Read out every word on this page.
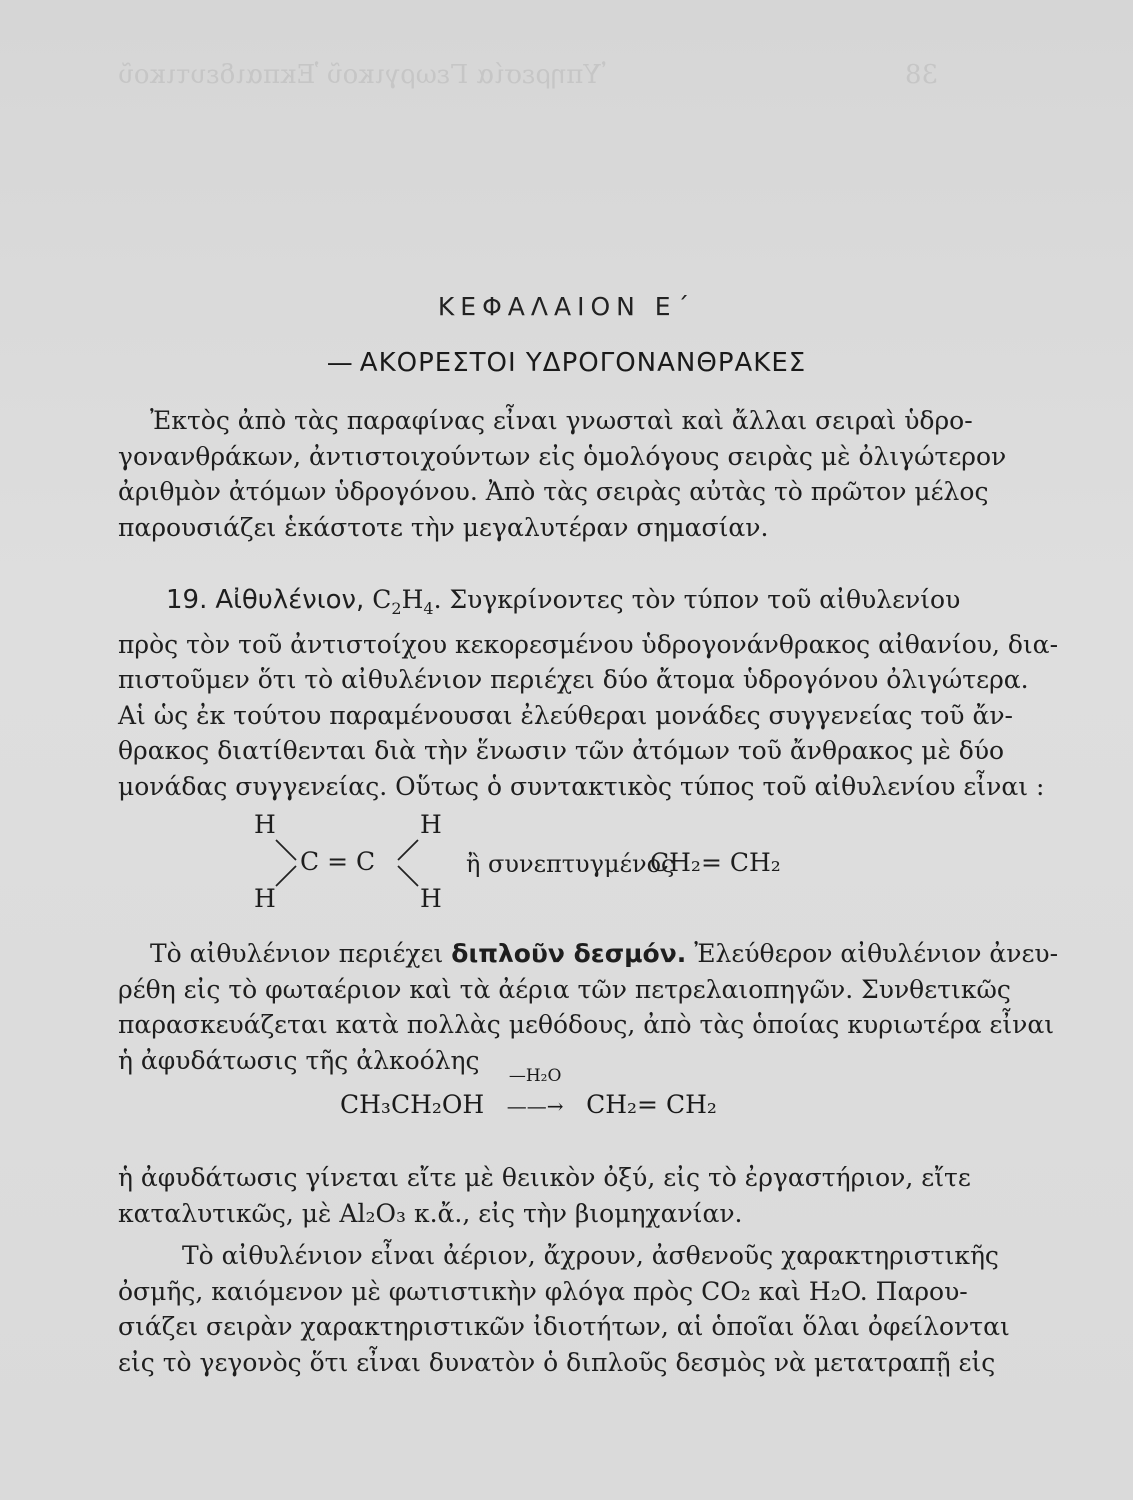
Ὑπηρεσία Γεωργικοῦ Ἐκπαιδευτικοῦ	38
ΚΕΦΑΛΑΙΟΝ Ε΄
— ΑΚΟΡΕΣΤΟΙ ΥΔΡΟΓΟΝΑΝΘΡΑΚΕΣ
Ἐκτὸς ἀπὸ τὰς παραφίνας εἶναι γνωσταὶ καὶ ἄλλαι σειραὶ ὑδρο-
γονανθράκων, ἀντιστοιχούντων εἰς ὁμολόγους σειρὰς μὲ ὀλιγώτερον
ἀριθμὸν ἀτόμων ὑδρογόνου. Ἀπὸ τὰς σειρὰς αὐτὰς τὸ πρῶτον μέλος
παρουσιάζει ἑκάστοτε τὴν μεγαλυτέραν σημασίαν.
19. Αἰθυλένιον, $C_2H_4$. Συγκρίνοντες τὸν τύπον τοῦ αἰθυλενίου
πρὸς τὸν τοῦ ἀντιστοίχου κεκορεσμένου ὑδρογονάνθρακος αἰθανίου, δια-
πιστοῦμεν ὅτι τὸ αἰθυλένιον περιέχει δύο ἄτομα ὑδρογόνου ὀλιγώτερα.
Αἱ ὡς ἐκ τούτου παραμένουσαι ἐλεύθεραι μονάδες συγγενείας τοῦ ἄν-
θρακος διατίθενται διὰ τὴν ἕνωσιν τῶν ἀτόμων τοῦ ἄνθρακος μὲ δύο
μονάδας συγγενείας. Οὕτως ὁ συντακτικὸς τύπος τοῦ αἰθυλενίου εἶναι :
H
H
H
H
C = C	ἢ συνεπτυγμένος
CH₂= CH₂
Τὸ αἰθυλένιον περιέχει διπλοῦν δεσμόν. Ἐλεύθερον αἰθυλένιον ἀνευ-
ρέθη εἰς τὸ φωταέριον καὶ τὰ ἀέρια τῶν πετρελαιοπηγῶν. Συνθετικῶς
παρασκευάζεται κατὰ πολλὰς μεθόδους, ἀπὸ τὰς ὁποίας κυριωτέρα εἶναι
ἡ ἀφυδάτωσις τῆς ἀλκοόλης
CH₃CH₂OH
—H₂O
——→ CH₂= CH₂
ἡ ἀφυδάτωσις γίνεται εἴτε μὲ θειικὸν ὀξύ, εἰς τὸ ἐργαστήριον, εἴτε
καταλυτικῶς, μὲ Al₂O₃ κ.ἄ., εἰς τὴν βιομηχανίαν.
Τὸ αἰθυλένιον εἶναι ἀέριον, ἄχρουν, ἀσθενοῦς χαρακτηριστικῆς
ὀσμῆς, καιόμενον μὲ φωτιστικὴν φλόγα πρὸς CO₂ καὶ H₂O. Παρου-
σιάζει σειρὰν χαρακτηριστικῶν ἰδιοτήτων, αἱ ὁποῖαι ὅλαι ὀφείλονται
εἰς τὸ γεγονὸς ὅτι εἶναι δυνατὸν ὁ διπλοῦς δεσμὸς νὰ μετατραπῇ εἰς
